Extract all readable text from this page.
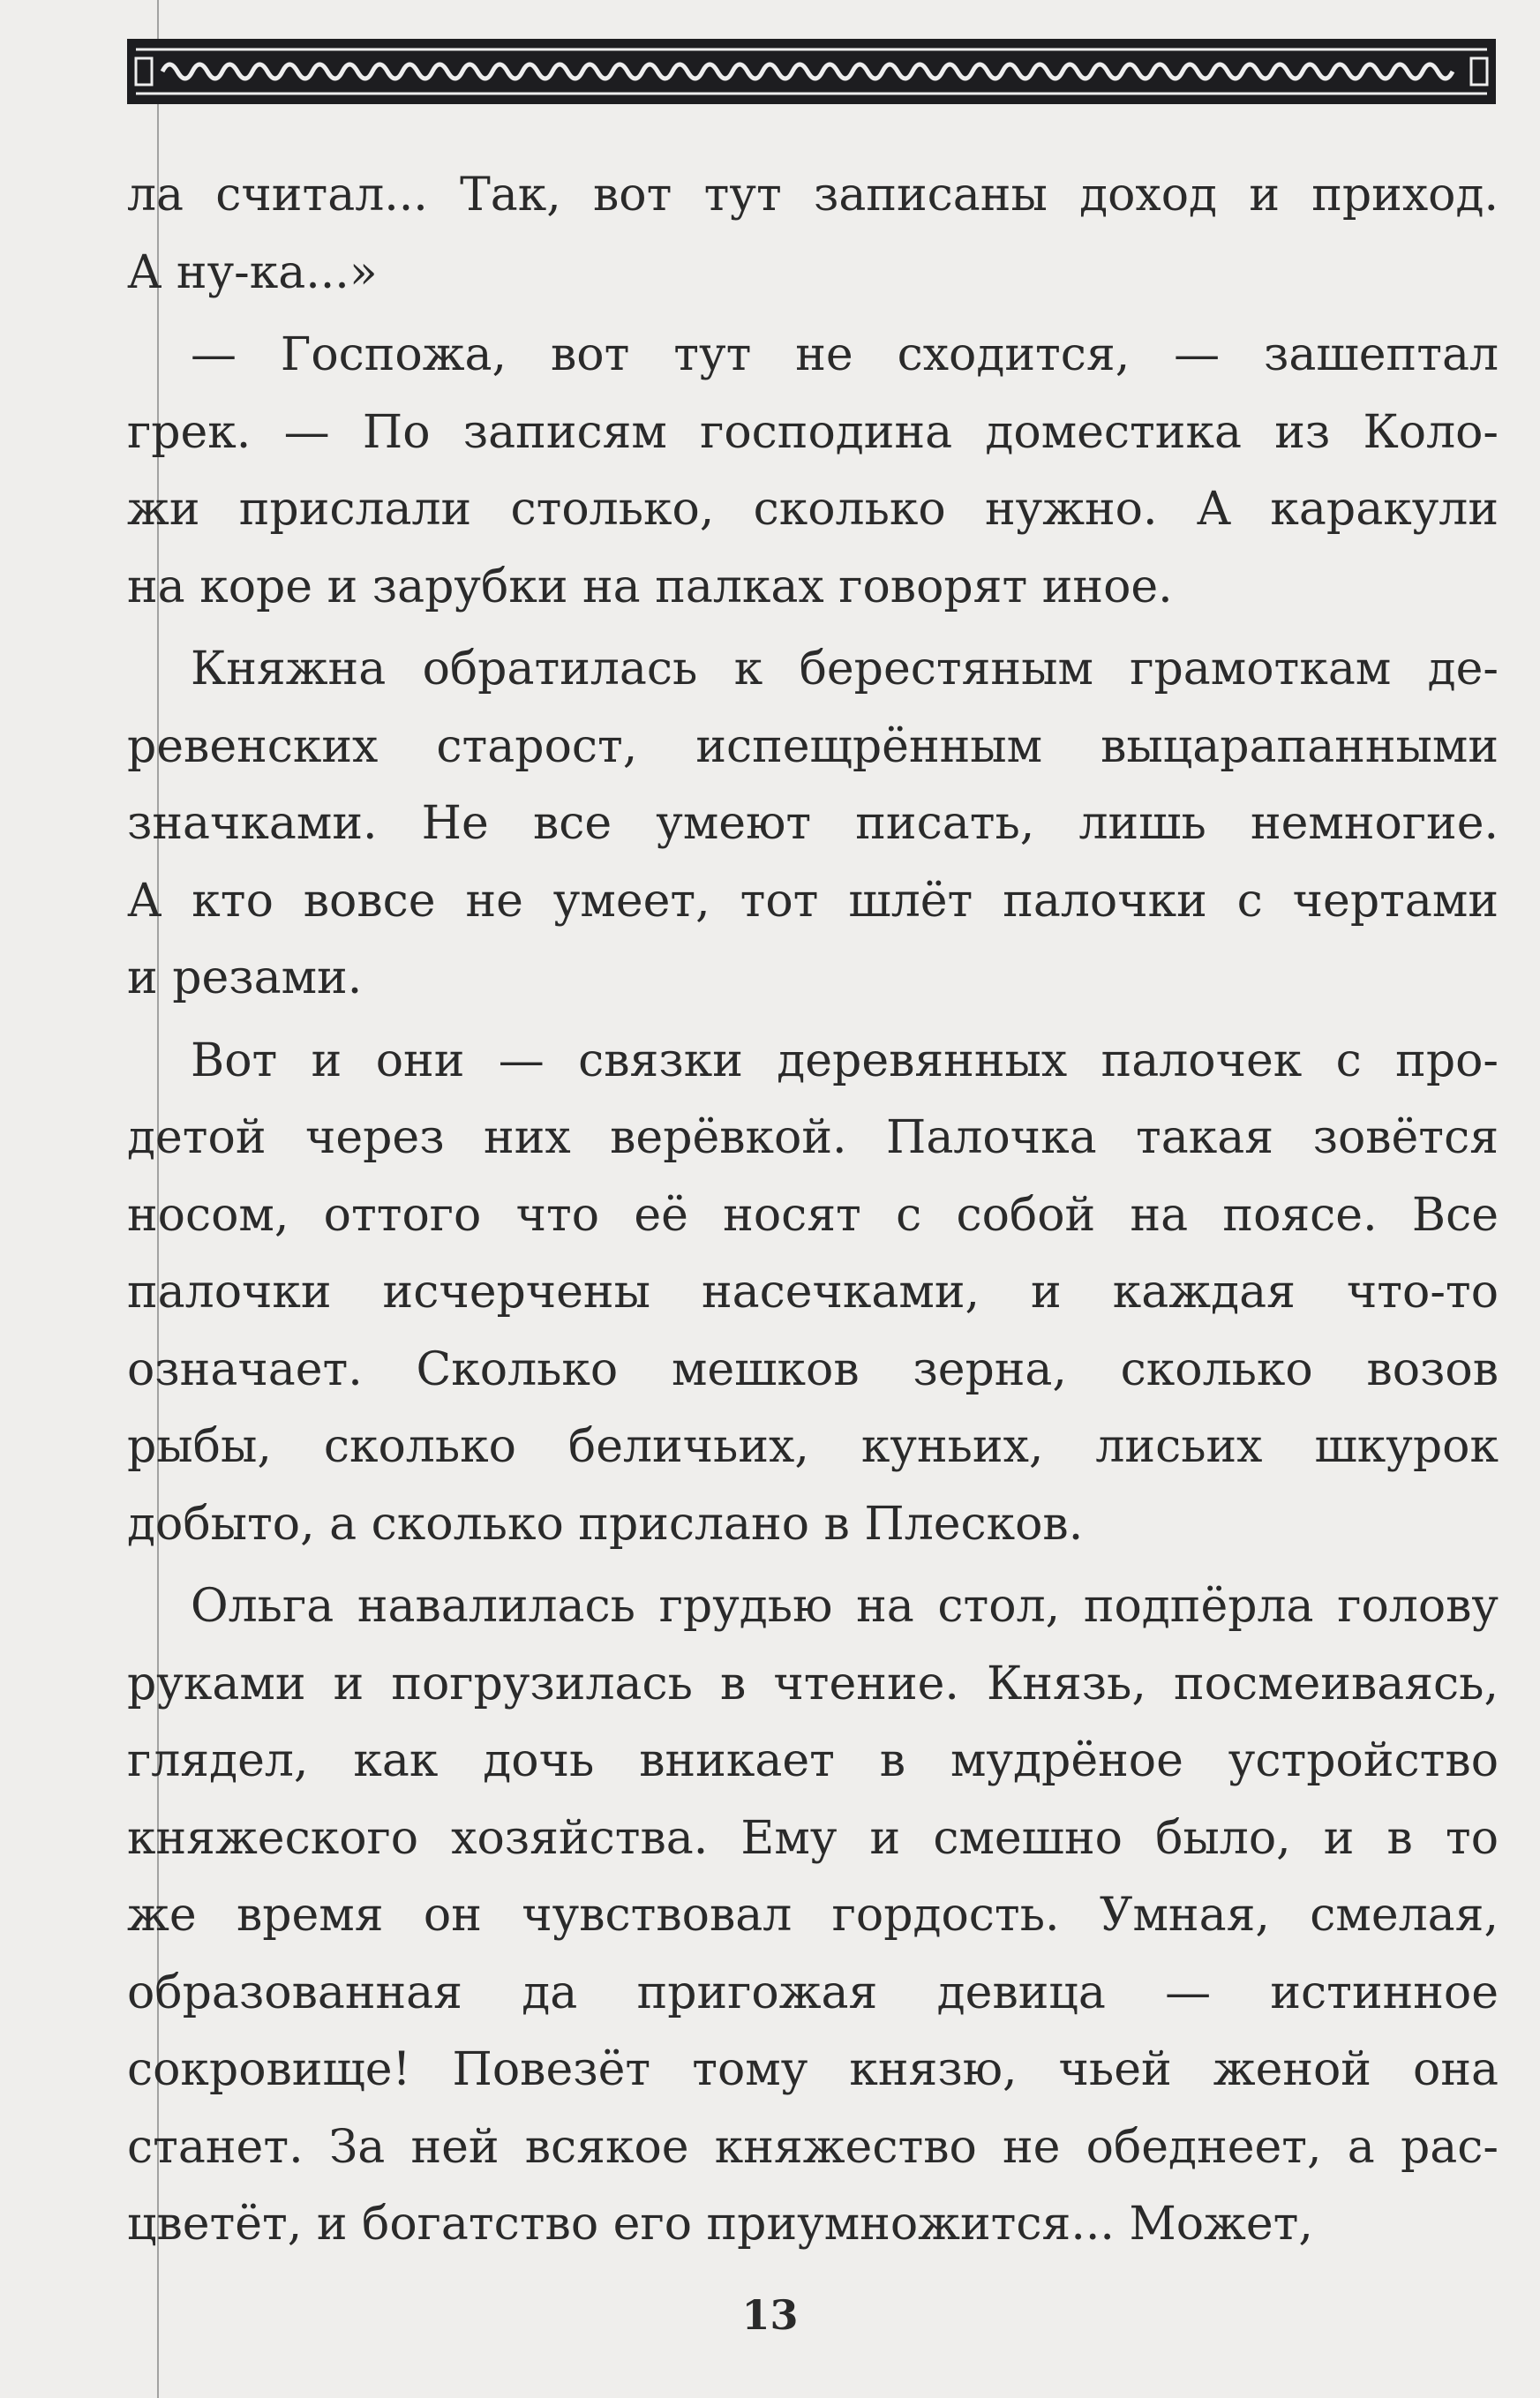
ла считал... Так, вот тут записаны доход и приход.
А ну-ка...»
— Госпожа, вот тут не сходится, — зашептал
грек. — По записям господина доместика из Коло-
жи прислали столько, сколько нужно. А каракули
на коре и зарубки на палках говорят иное.
Княжна обратилась к берестяным грамоткам де-
ревенских старост, испещрённым выцарапанными
значками. Не все умеют писать, лишь немногие.
А кто вовсе не умеет, тот шлёт палочки с чертами
и резами.
Вот и они — связки деревянных палочек с про-
детой через них верёвкой. Палочка такая зовётся
носом, оттого что её носят с собой на поясе. Все
палочки исчерчены насечками, и каждая что-то
означает. Сколько мешков зерна, сколько возов
рыбы, сколько беличьих, куньих, лисьих шкурок
добыто, а сколько прислано в Плесков.
Ольга навалилась грудью на стол, подпёрла голову
руками и погрузилась в чтение. Князь, посмеиваясь,
глядел, как дочь вникает в мудрёное устройство
княжеского хозяйства. Ему и смешно было, и в то
же время он чувствовал гордость. Умная, смелая,
образованная да пригожая девица — истинное
сокровище! Повезёт тому князю, чьей женой она
станет. За ней всякое княжество не обеднеет, а рас-
цветёт, и богатство его приумножится... Может,
13
